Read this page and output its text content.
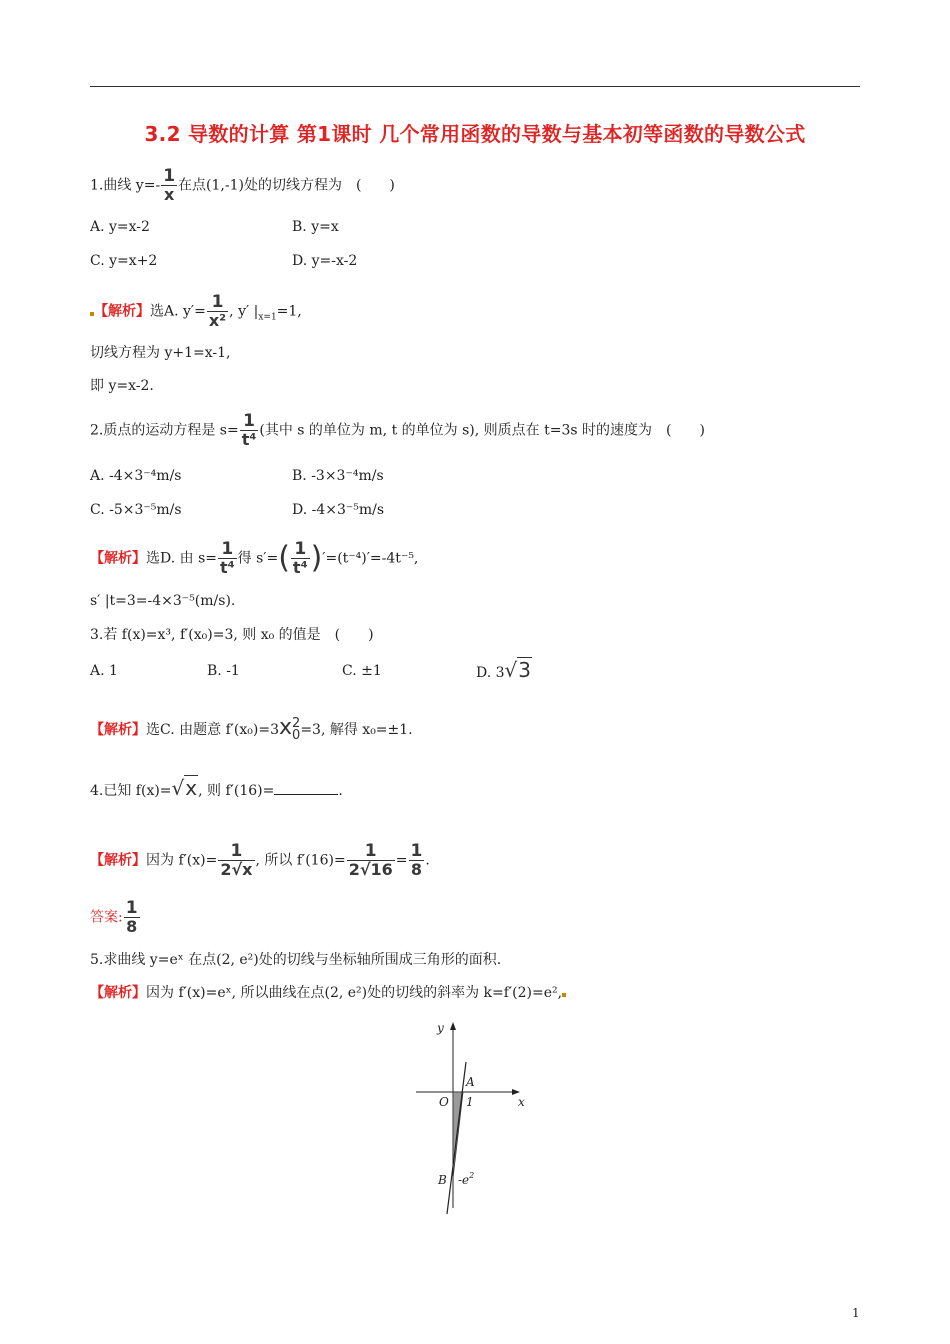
3.2 导数的计算 第1课时 几个常用函数的导数与基本初等函数的导数公式
1.曲线 $y=- \frac{1}{x}$ 在点(1,-1)处的切线方程为　(　　)
A. y=x-2	B. y=x
C. y=x+2	D. y=-x-2
【解析】选A. $y'= \frac{1}{\text{x²}}$ , y′ $|_{x=1}=1$,
切线方程为 y+1=x-1,
即 y=x-2.
2.质点的运动方程是 $s= \frac{1}{\text{t⁴}}$ (其中 s 的单位为 m, t 的单位为 s), 则质点在 t=3s 时的速度为　(　　)
A. -4×3⁻⁴m/s	B. -3×3⁻⁴m/s
C. -5×3⁻⁵m/s	D. -4×3⁻⁵m/s
【解析】选D. 由 $s= \frac{1}{\text{t⁴}}$ 得 $s'=( \frac{1}{\text{t⁴}} )'=(t^{-4})'=-4t^{-5}$,
s′ |t=3=-4×3⁻⁵(m/s).
3.若 f(x)=x³, f′(x₀)=3, 则 x₀ 的值是　(　　)
A. 1	B. -1	C. ±1	D. 3√3
【解析】选C. 由题意 f′(x₀)=3x 2
0 =3, 解得 x₀=±1.
4.已知 f(x)=√x, 则 f′(16)=	.
【解析】因为 $f'(x)= \frac{1}{2√x}$ , 所以 $f'(16)= \frac{1}{2√16} = \frac{1}{8}$ .
答案: $\frac{1}{8}$
5.求曲线 y=eˣ 在点(2, e²)处的切线与坐标轴所围成三角形的面积.
【解析】因为 f′(x)=eˣ, 所以曲线在点(2, e²)处的切线的斜率为 k=f′(2)=e²,
y
x
O
A
1
B $-e^2$
1
